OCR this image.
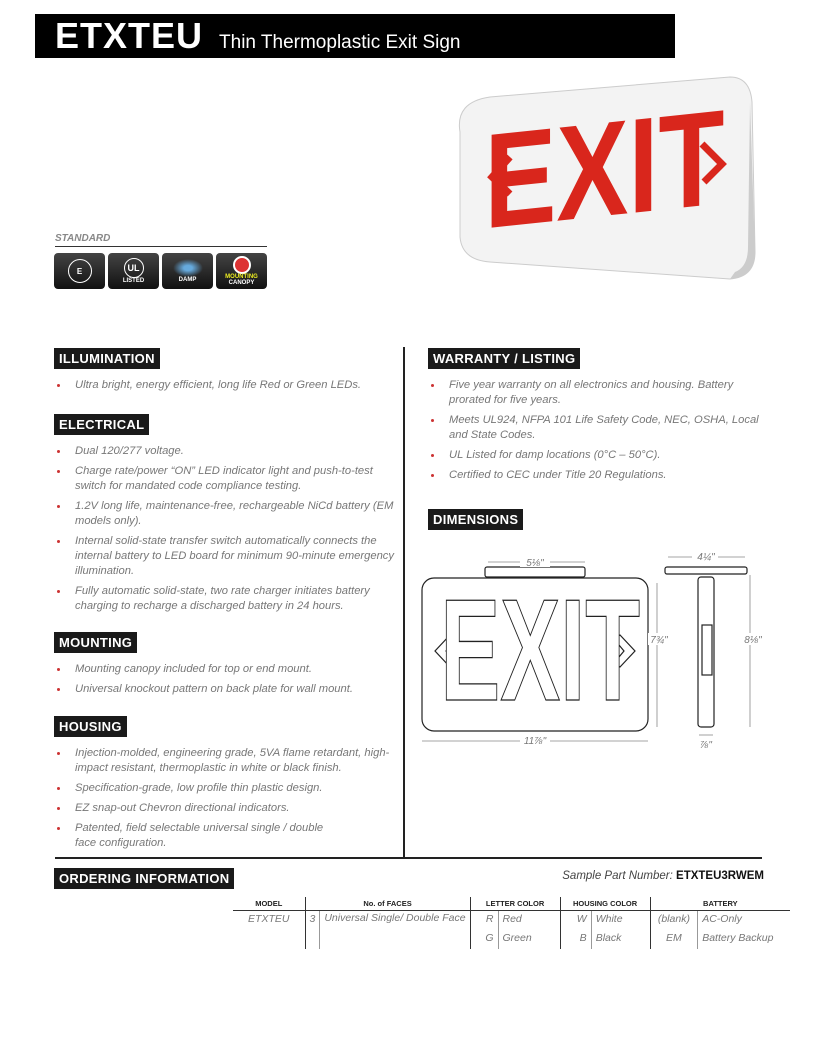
ETXTEU Thin Thermoplastic Exit Sign
EXIT
STANDARD
E	UL
LISTED	DAMP	MOUNTING
CANOPY
ILLUMINATION
Ultra bright, energy efficient, long life Red or Green LEDs.
ELECTRICAL
Dual 120/277 voltage.
Charge rate/power “ON” LED indicator light and push-to-test switch for mandated code compliance testing.
1.2V long life, maintenance-free, rechargeable NiCd battery (EM models only).
Internal solid-state transfer switch automatically connects the internal battery to LED board for minimum 90-minute emergency illumination.
Fully automatic solid-state, two rate charger initiates battery charging to recharge a discharged battery in 24 hours.
MOUNTING
Mounting canopy included for top or end mount.
Universal knockout pattern on back plate for wall mount.
HOUSING
Injection-molded, engineering grade, 5VA flame retardant, high-impact resistant, thermoplastic in white or black finish.
Specification-grade, low profile thin plastic design.
EZ snap-out Chevron directional indicators.
Patented, field selectable universal single / double face configuration.
WARRANTY / LISTING
Five year warranty on all electronics and housing. Battery prorated for five years.
Meets UL924, NFPA 101 Life Safety Code, NEC, OSHA, Local and State Codes.
UL Listed for damp locations (0°C – 50°C).
Certified to CEC under Title 20 Regulations.
DIMENSIONS
EXIT
5⅛"
4¼"
7¾"	8⅛"
11⅞"	⅞"
ORDERING INFORMATION	Sample Part Number: ETXTEU3RWEM
MODEL	No. of FACES		LETTER COLOR		HOUSING COLOR		BATTERY	
ETXTEU	3	Universal Single/ Double Face	R	Red	W	White	(blank)	AC-Only
			G	Green	B	Black	EM	Battery Backup
